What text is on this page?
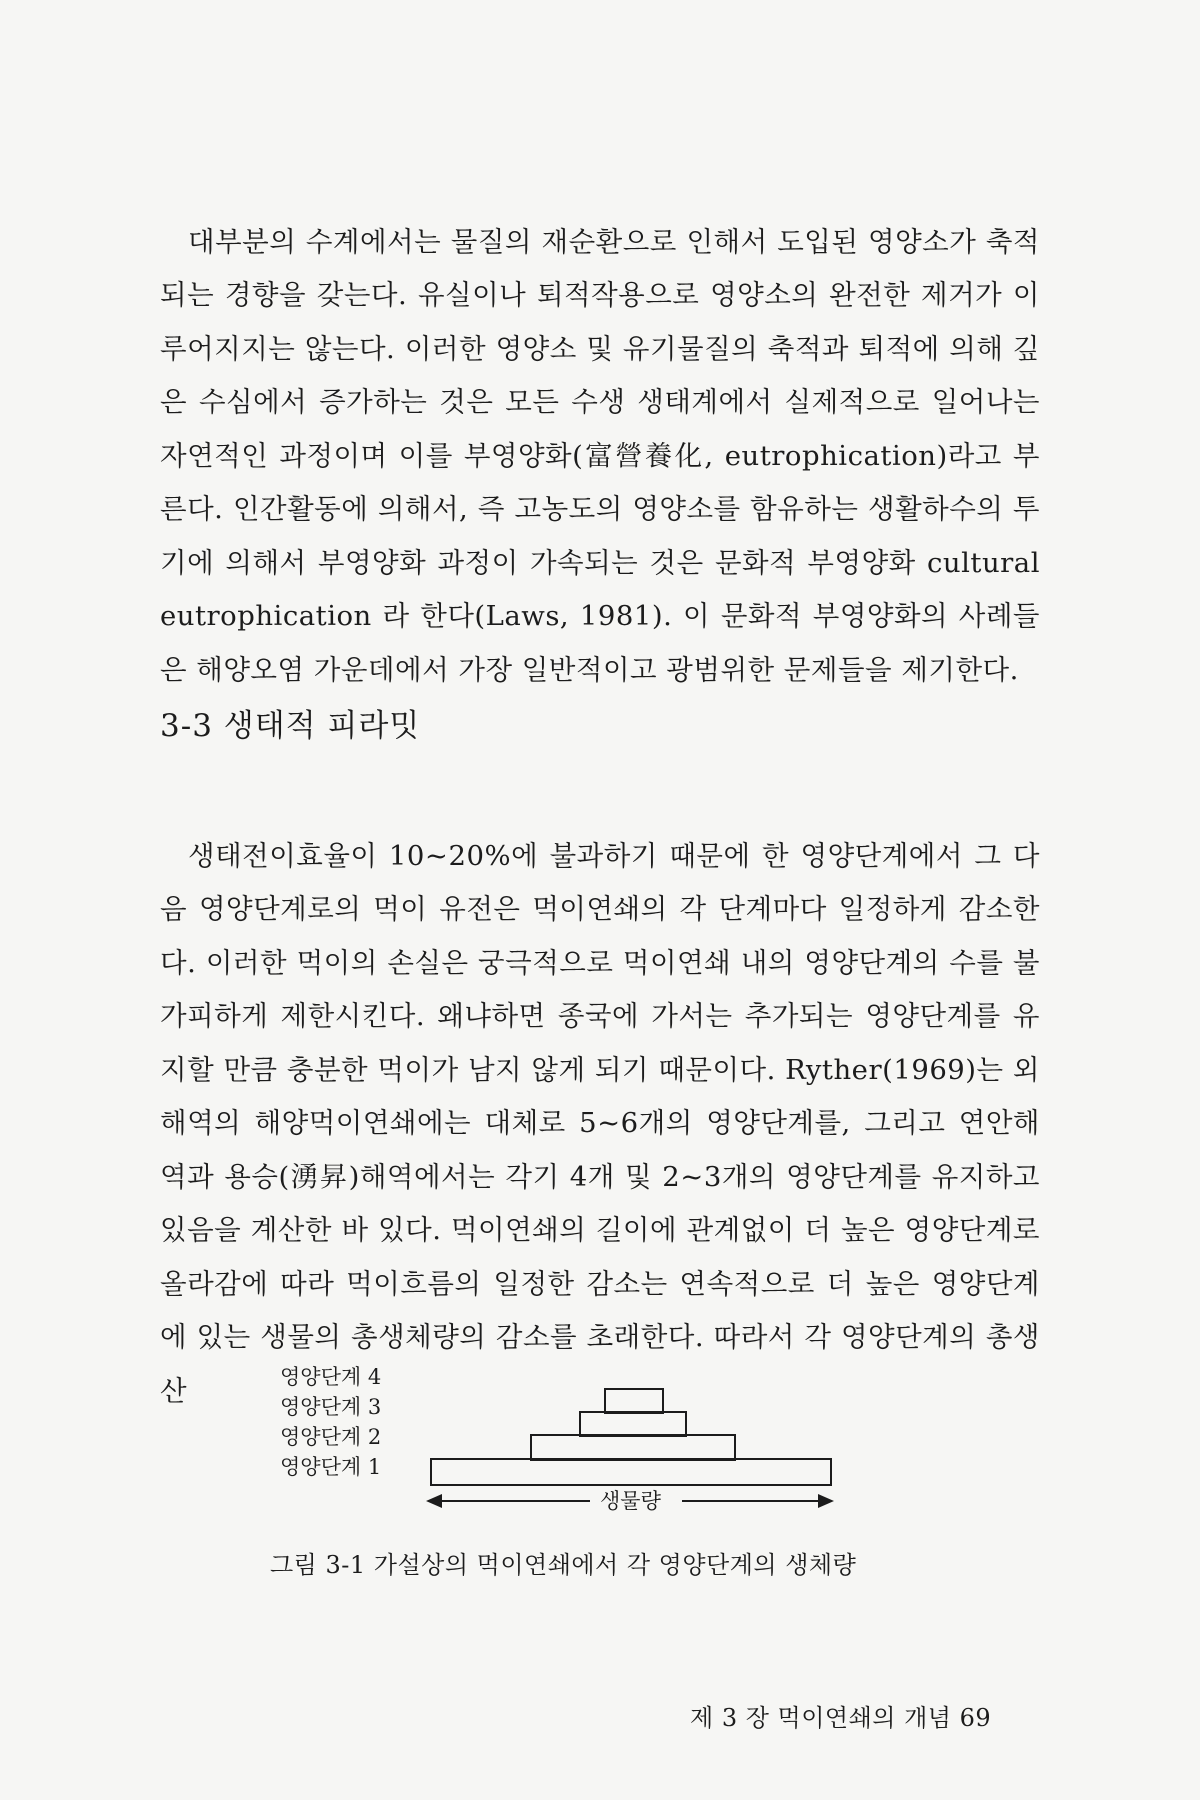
대부분의 수계에서는 물질의 재순환으로 인해서 도입된 영양소가 축적되는 경향을 갖는다. 유실이나 퇴적작용으로 영양소의 완전한 제거가 이루어지지는 않는다. 이러한 영양소 및 유기물질의 축적과 퇴적에 의해 깊은 수심에서 증가하는 것은 모든 수생 생태계에서 실제적으로 일어나는 자연적인 과정이며 이를 부영양화(富營養化, eutrophication)라고 부른다. 인간활동에 의해서, 즉 고농도의 영양소를 함유하는 생활하수의 투기에 의해서 부영양화 과정이 가속되는 것은 문화적 부영양화 cultural eutrophication 라 한다(Laws, 1981). 이 문화적 부영양화의 사례들은 해양오염 가운데에서 가장 일반적이고 광범위한 문제들을 제기한다.

3-3 생태적 피라밋

생태전이효율이 10~20%에 불과하기 때문에 한 영양단계에서 그 다음 영양단계로의 먹이 유전은 먹이연쇄의 각 단계마다 일정하게 감소한다. 이러한 먹이의 손실은 궁극적으로 먹이연쇄 내의 영양단계의 수를 불가피하게 제한시킨다. 왜냐하면 종국에 가서는 추가되는 영양단계를 유지할 만큼 충분한 먹이가 남지 않게 되기 때문이다. Ryther(1969)는 외해역의 해양먹이연쇄에는 대체로 5~6개의 영양단계를, 그리고 연안해역과 용승(湧昇)해역에서는 각기 4개 및 2~3개의 영양단계를 유지하고 있음을 계산한 바 있다. 먹이연쇄의 길이에 관계없이 더 높은 영양단계로 올라감에 따라 먹이흐름의 일정한 감소는 연속적으로 더 높은 영양단계에 있는 생물의 총생체량의 감소를 초래한다. 따라서 각 영양단계의 총생산	영양단계 4
영양단계 3
영양단계 2
영양단계 1
생물량
그림 3-1 가설상의 먹이연쇄에서 각 영양단계의 생체량
제 3 장 먹이연쇄의 개념 69
